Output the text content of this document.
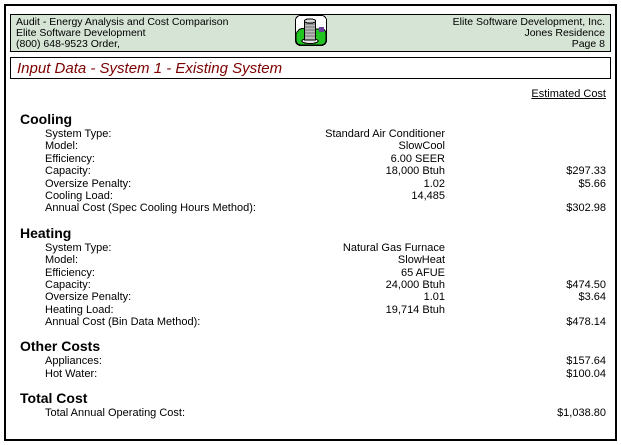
Audit - Energy Analysis and Cost Comparison
Elite Software Development
(800) 648-9523 Order,
Elite Software Development, Inc.
Jones Residence
Page 8
Input Data - System 1 - Existing System
Estimated Cost
Cooling
System Type:	Standard Air Conditioner
Model:	SlowCool
Efficiency:	6.00 SEER
Capacity:	18,000 Btuh	$297.33
Oversize Penalty:	1.02	$5.66
Cooling Load:	14,485
Annual Cost (Spec Cooling Hours Method):	$302.98
Heating
System Type:	Natural Gas Furnace
Model:	SlowHeat
Efficiency:	65 AFUE
Capacity:	24,000 Btuh	$474.50
Oversize Penalty:	1.01	$3.64
Heating Load:	19,714 Btuh
Annual Cost (Bin Data Method):	$478.14
Other Costs
Appliances:	$157.64
Hot Water:	$100.04
Total Cost
Total Annual Operating Cost:	$1,038.80
